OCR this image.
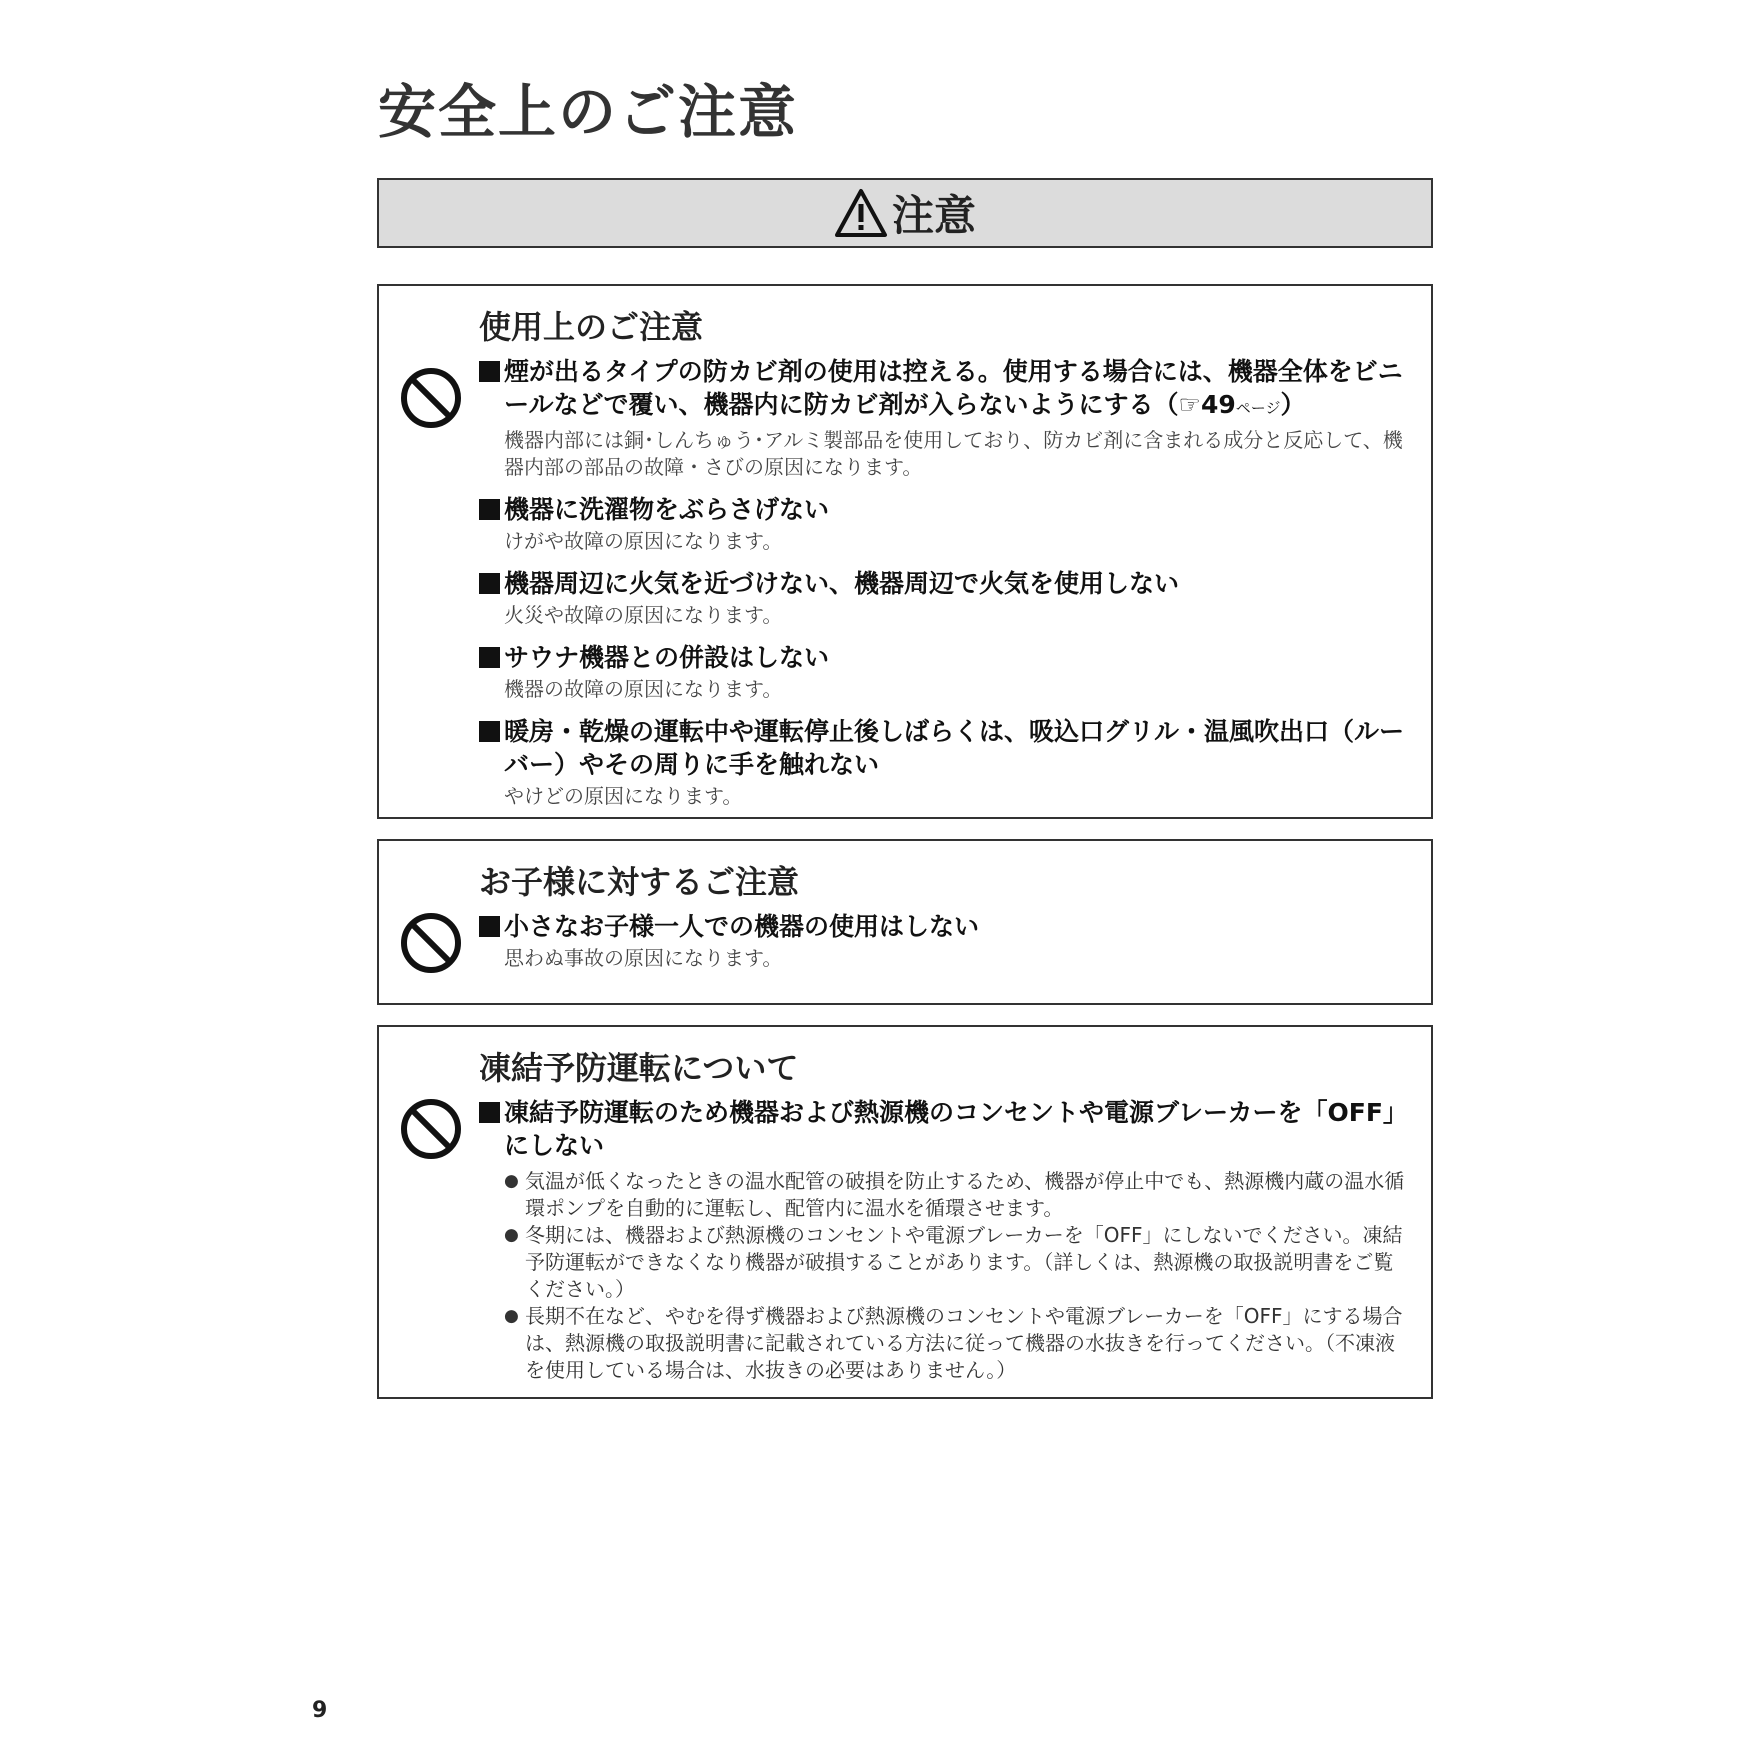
安全上のご注意
注意
使用上のご注意

煙が出るタイプの防カビ剤の使用は控える。使用する場合には、機器全体をビニールなどで覆い、機器内に防カビ剤が入らないようにする（☞49ページ）

機器内部には銅･しんちゅう･アルミ製部品を使用しており、防カビ剤に含まれる成分と反応して、機器内部の部品の故障・さびの原因になります。

機器に洗濯物をぶらさげない

けがや故障の原因になります。

機器周辺に火気を近づけない、機器周辺で火気を使用しない

火災や故障の原因になります。

サウナ機器との併設はしない

機器の故障の原因になります。

暖房・乾燥の運転中や運転停止後しばらくは、吸込口グリル・温風吹出口（ルーバー）やその周りに手を触れない

やけどの原因になります。

お子様に対するご注意

小さなお子様一人での機器の使用はしない

思わぬ事故の原因になります。

凍結予防運転について

凍結予防運転のため機器および熱源機のコンセントや電源ブレーカーを「OFF」にしない

● 気温が低くなったときの温水配管の破損を防止するため、機器が停止中でも、熱源機内蔵の温水循環ポンプを自動的に運転し、配管内に温水を循環させます。
● 冬期には、機器および熱源機のコンセントや電源ブレーカーを「OFF」にしないでください。凍結予防運転ができなくなり機器が破損することがあります。（詳しくは、熱源機の取扱説明書をご覧ください。）
● 長期不在など、やむを得ず機器および熱源機のコンセントや電源ブレーカーを「OFF」にする場合は、熱源機の取扱説明書に記載されている方法に従って機器の水抜きを行ってください。（不凍液を使用している場合は、水抜きの必要はありません。）
9
